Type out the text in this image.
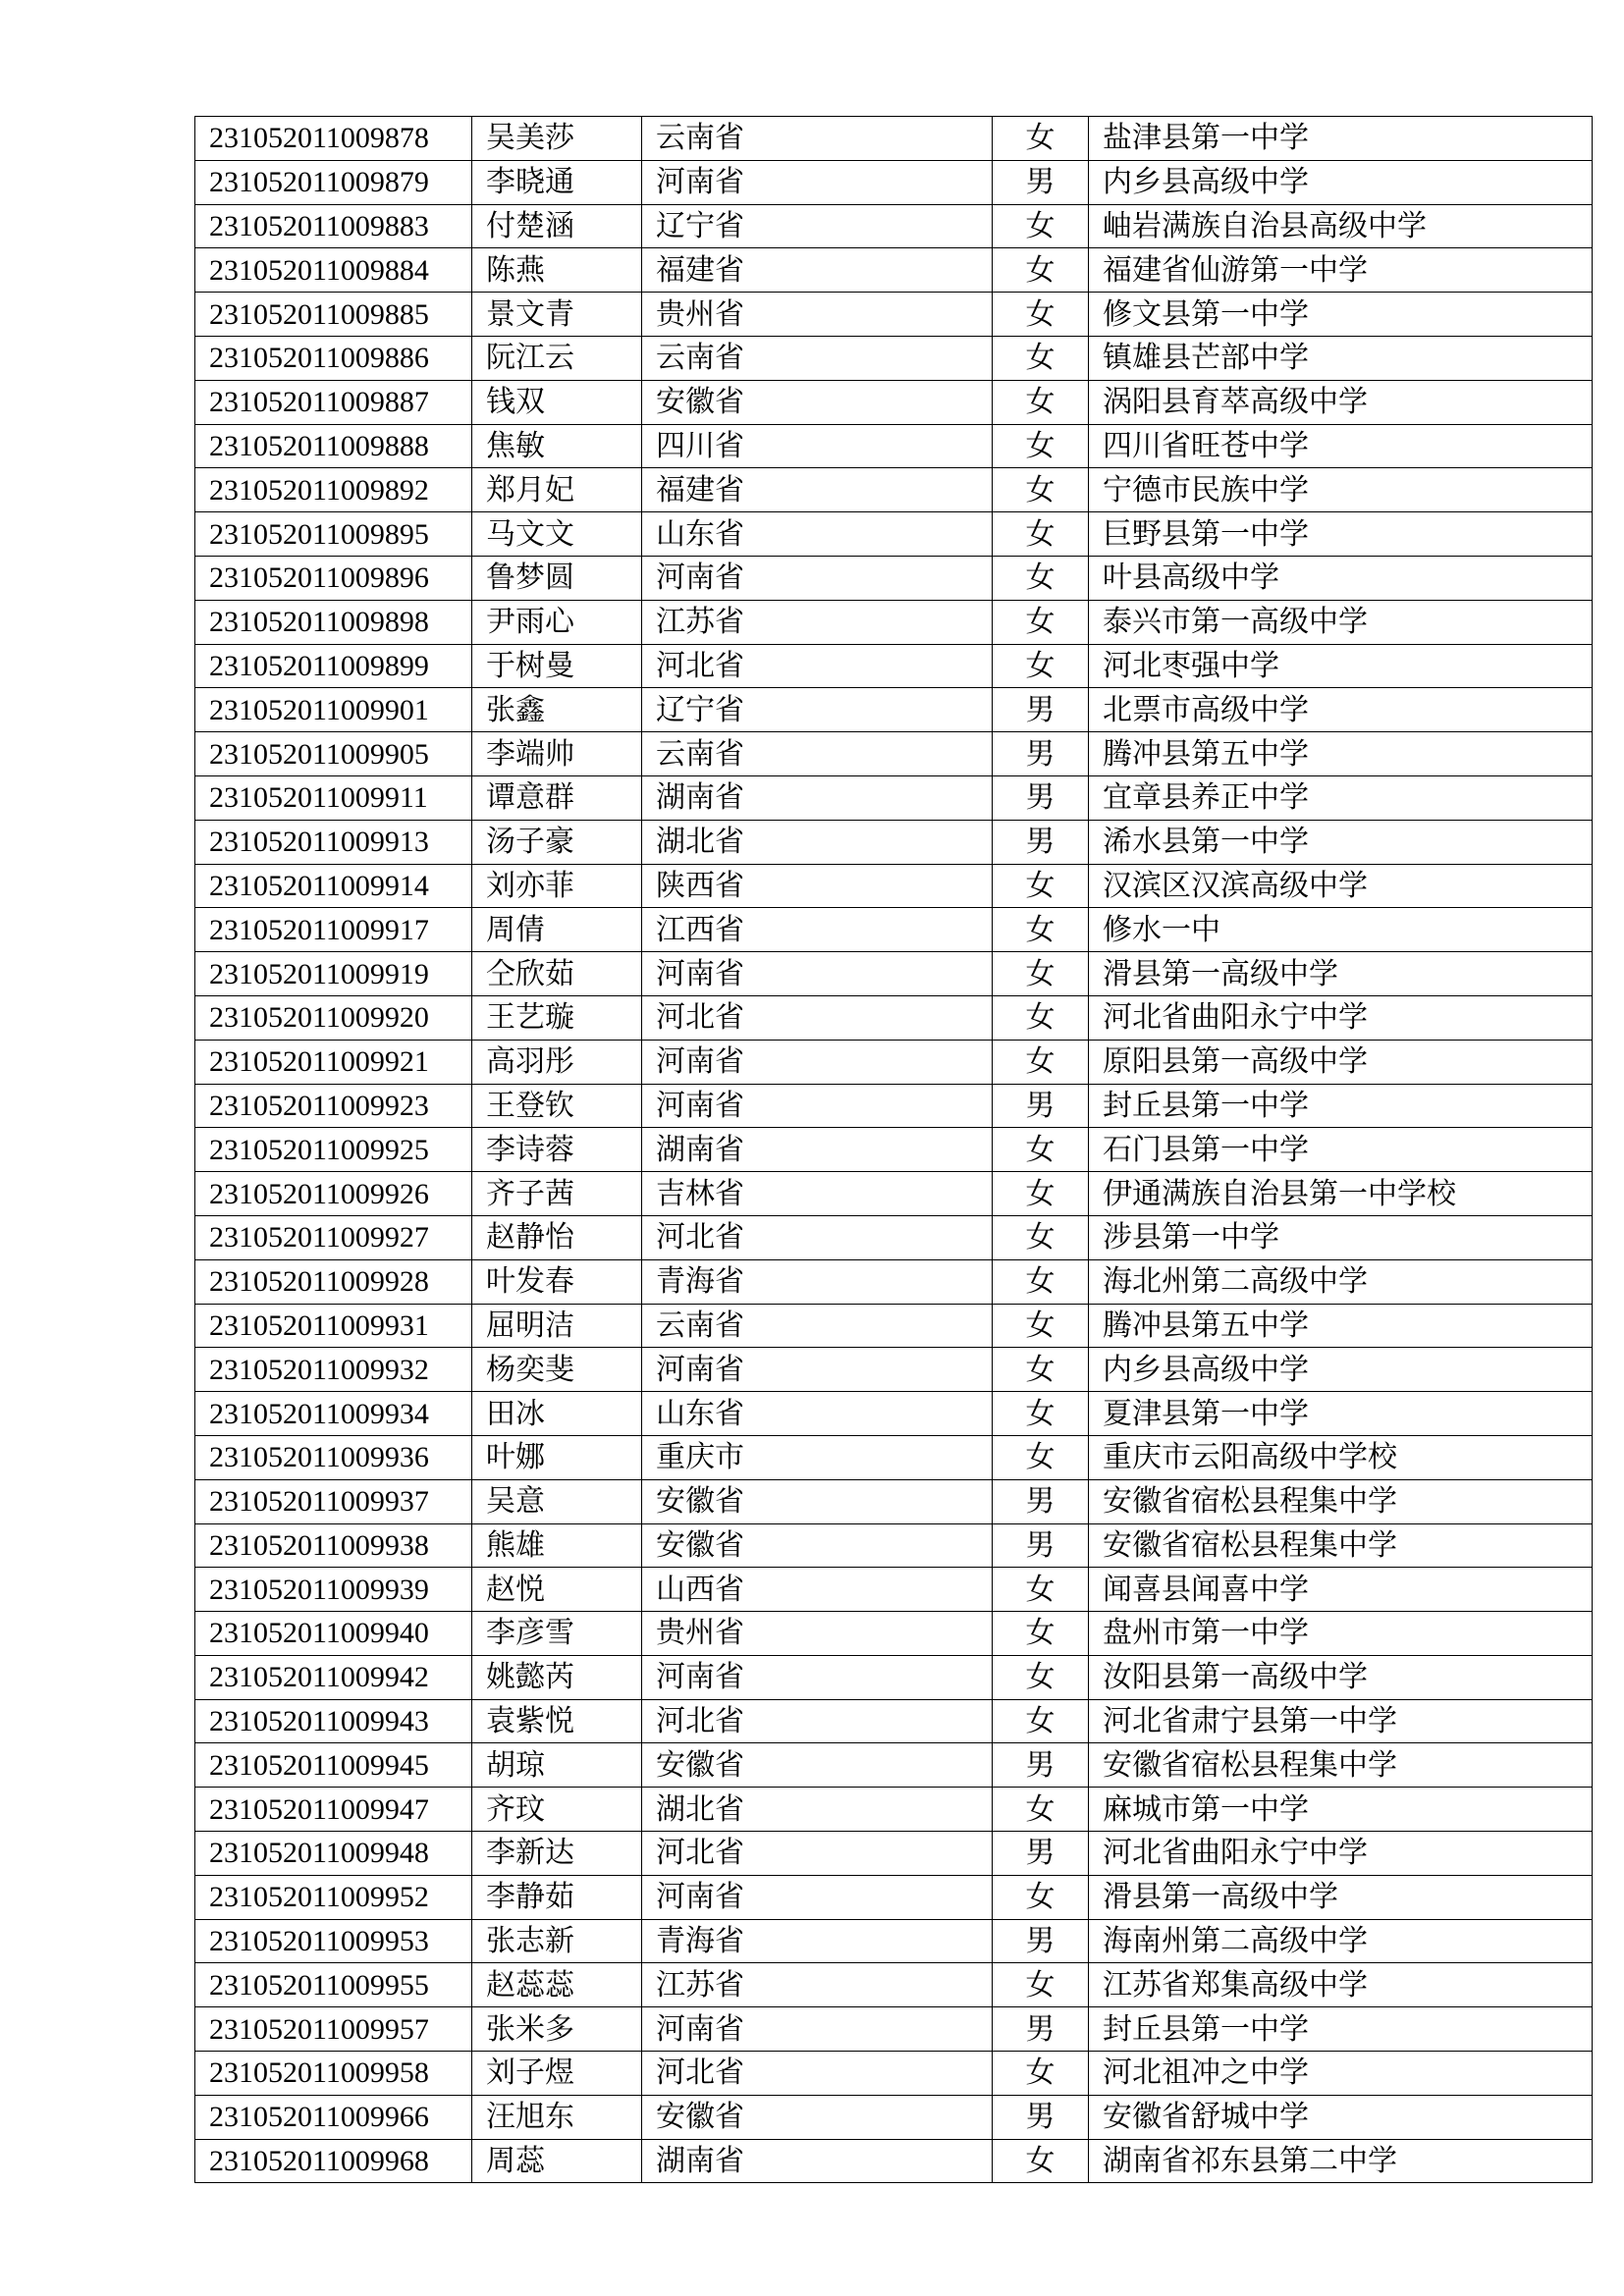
231052011009878	吴美莎	云南省	女	盐津县第一中学
231052011009879	李晓通	河南省	男	内乡县高级中学
231052011009883	付楚涵	辽宁省	女	岫岩满族自治县高级中学
231052011009884	陈燕	福建省	女	福建省仙游第一中学
231052011009885	景文青	贵州省	女	修文县第一中学
231052011009886	阮江云	云南省	女	镇雄县芒部中学
231052011009887	钱双	安徽省	女	涡阳县育萃高级中学
231052011009888	焦敏	四川省	女	四川省旺苍中学
231052011009892	郑月妃	福建省	女	宁德市民族中学
231052011009895	马文文	山东省	女	巨野县第一中学
231052011009896	鲁梦圆	河南省	女	叶县高级中学
231052011009898	尹雨心	江苏省	女	泰兴市第一高级中学
231052011009899	于树曼	河北省	女	河北枣强中学
231052011009901	张鑫	辽宁省	男	北票市高级中学
231052011009905	李端帅	云南省	男	腾冲县第五中学
231052011009911	谭意群	湖南省	男	宜章县养正中学
231052011009913	汤子豪	湖北省	男	浠水县第一中学
231052011009914	刘亦菲	陕西省	女	汉滨区汉滨高级中学
231052011009917	周倩	江西省	女	修水一中
231052011009919	仝欣茹	河南省	女	滑县第一高级中学
231052011009920	王艺璇	河北省	女	河北省曲阳永宁中学
231052011009921	高羽彤	河南省	女	原阳县第一高级中学
231052011009923	王登钦	河南省	男	封丘县第一中学
231052011009925	李诗蓉	湖南省	女	石门县第一中学
231052011009926	齐子茜	吉林省	女	伊通满族自治县第一中学校
231052011009927	赵静怡	河北省	女	涉县第一中学
231052011009928	叶发春	青海省	女	海北州第二高级中学
231052011009931	屈明洁	云南省	女	腾冲县第五中学
231052011009932	杨奕斐	河南省	女	内乡县高级中学
231052011009934	田冰	山东省	女	夏津县第一中学
231052011009936	叶娜	重庆市	女	重庆市云阳高级中学校
231052011009937	吴意	安徽省	男	安徽省宿松县程集中学
231052011009938	熊雄	安徽省	男	安徽省宿松县程集中学
231052011009939	赵悦	山西省	女	闻喜县闻喜中学
231052011009940	李彦雪	贵州省	女	盘州市第一中学
231052011009942	姚懿芮	河南省	女	汝阳县第一高级中学
231052011009943	袁紫悦	河北省	女	河北省肃宁县第一中学
231052011009945	胡琼	安徽省	男	安徽省宿松县程集中学
231052011009947	齐玟	湖北省	女	麻城市第一中学
231052011009948	李新达	河北省	男	河北省曲阳永宁中学
231052011009952	李静茹	河南省	女	滑县第一高级中学
231052011009953	张志新	青海省	男	海南州第二高级中学
231052011009955	赵蕊蕊	江苏省	女	江苏省郑集高级中学
231052011009957	张米多	河南省	男	封丘县第一中学
231052011009958	刘子煜	河北省	女	河北祖冲之中学
231052011009966	汪旭东	安徽省	男	安徽省舒城中学
231052011009968	周蕊	湖南省	女	湖南省祁东县第二中学
